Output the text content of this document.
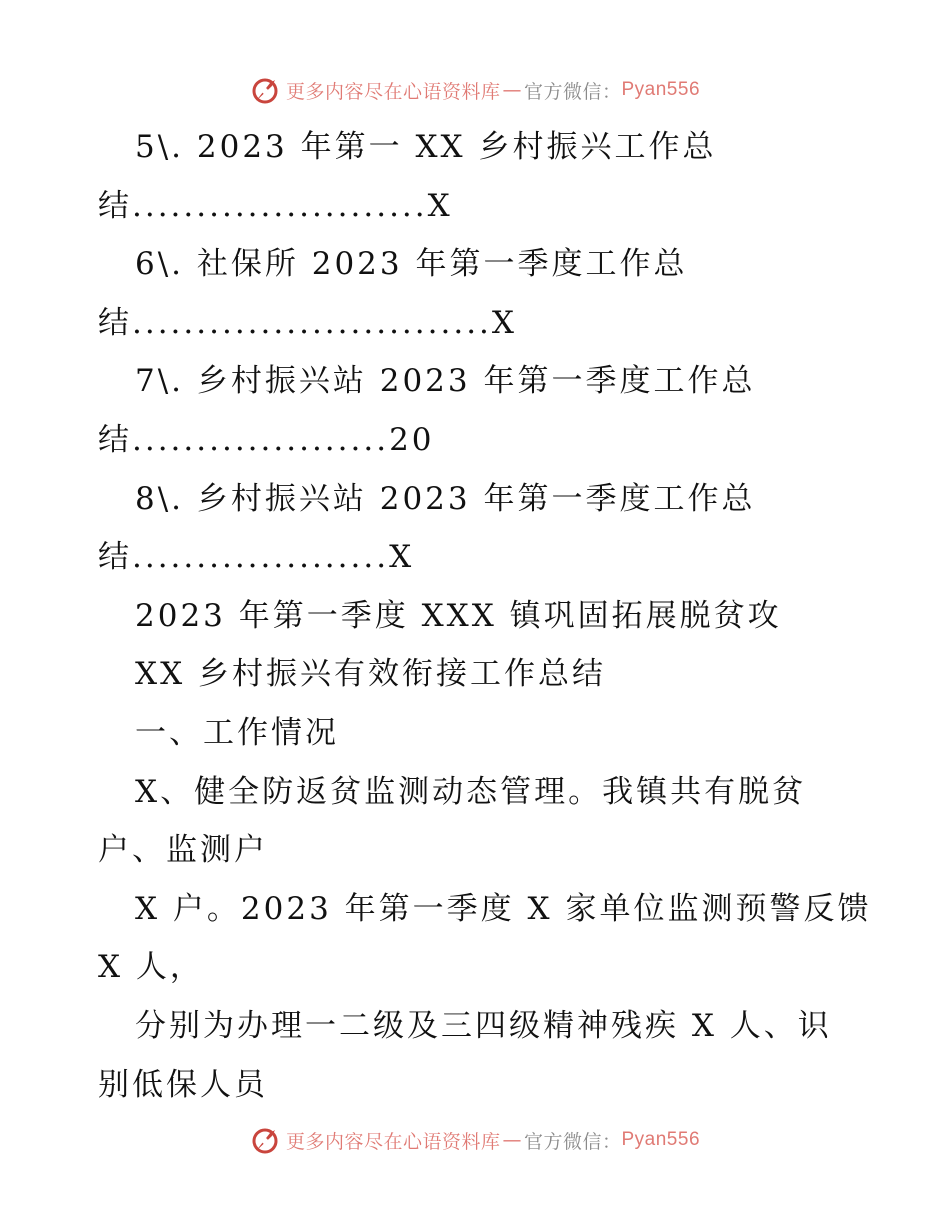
更多内容尽在心语资料库 — 官方微信： Pyan556
5\. 2023 年第一 XX 乡村振兴工作总
结.......................X
6\. 社保所 2023 年第一季度工作总
结............................X
7\. 乡村振兴站 2023 年第一季度工作总
结....................20
8\. 乡村振兴站 2023 年第一季度工作总
结....................X
2023 年第一季度 XXX 镇巩固拓展脱贫攻
XX 乡村振兴有效衔接工作总结
一、工作情况
X、健全防返贫监测动态管理。我镇共有脱贫
户、监测户
X 户。2023 年第一季度 X 家单位监测预警反馈
X 人，
分别为办理一二级及三四级精神残疾 X 人、识
别低保人员
更多内容尽在心语资料库 — 官方微信： Pyan556
